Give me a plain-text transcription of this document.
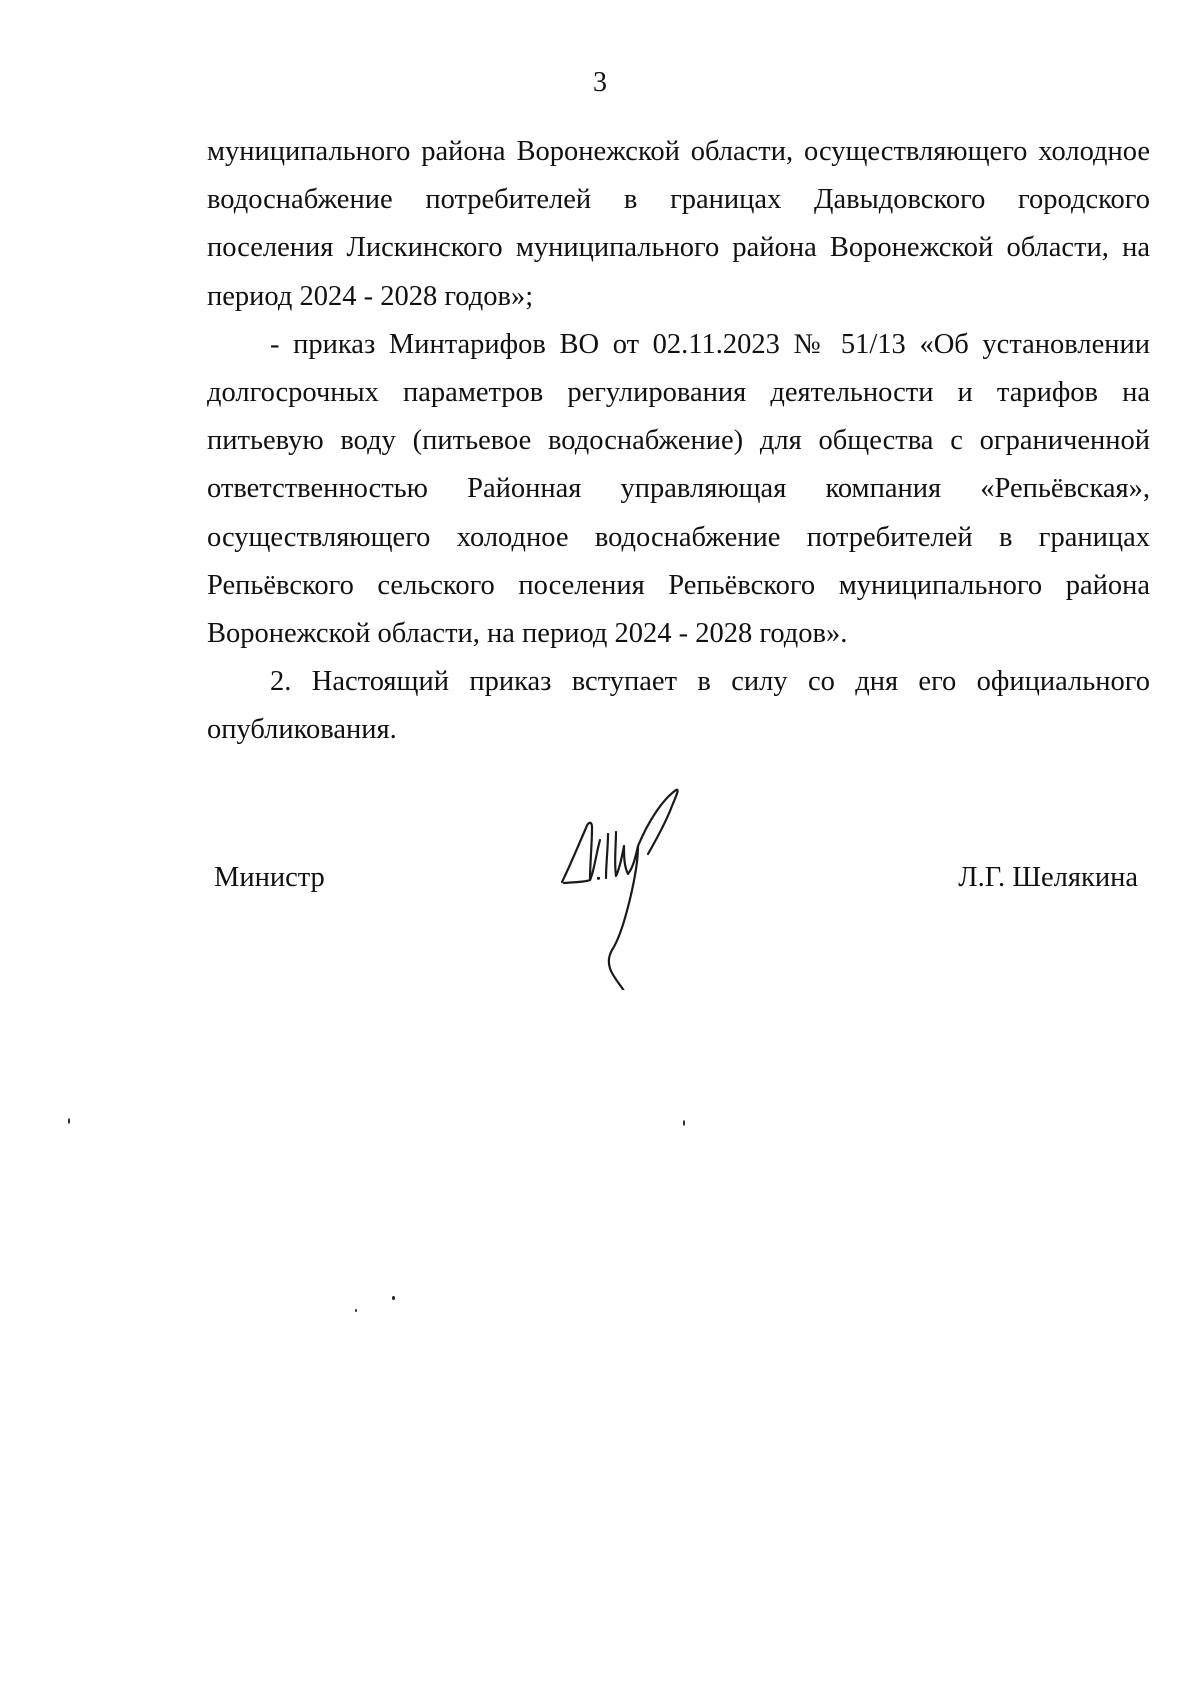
3

муниципального района Воронежской области, осуществляющего холодное водоснабжение потребителей в границах Давыдовского городского поселения Лискинского муниципального района Воронежской области, на период 2024 - 2028 годов»;

- приказ Минтарифов ВО от 02.11.2023 № 51/13 «Об установлении долгосрочных параметров регулирования деятельности и тарифов на питьевую воду (питьевое водоснабжение) для общества с ограниченной ответственностью Районная управляющая компания «Репьёвская», осуществляющего холодное водоснабжение потребителей в границах Репьёвского сельского поселения Репьёвского муниципального района Воронежской области, на период 2024 - 2028 годов».

2. Настоящий приказ вступает в силу со дня его официального опубликования.

Министр	Л.Г. Шелякина
